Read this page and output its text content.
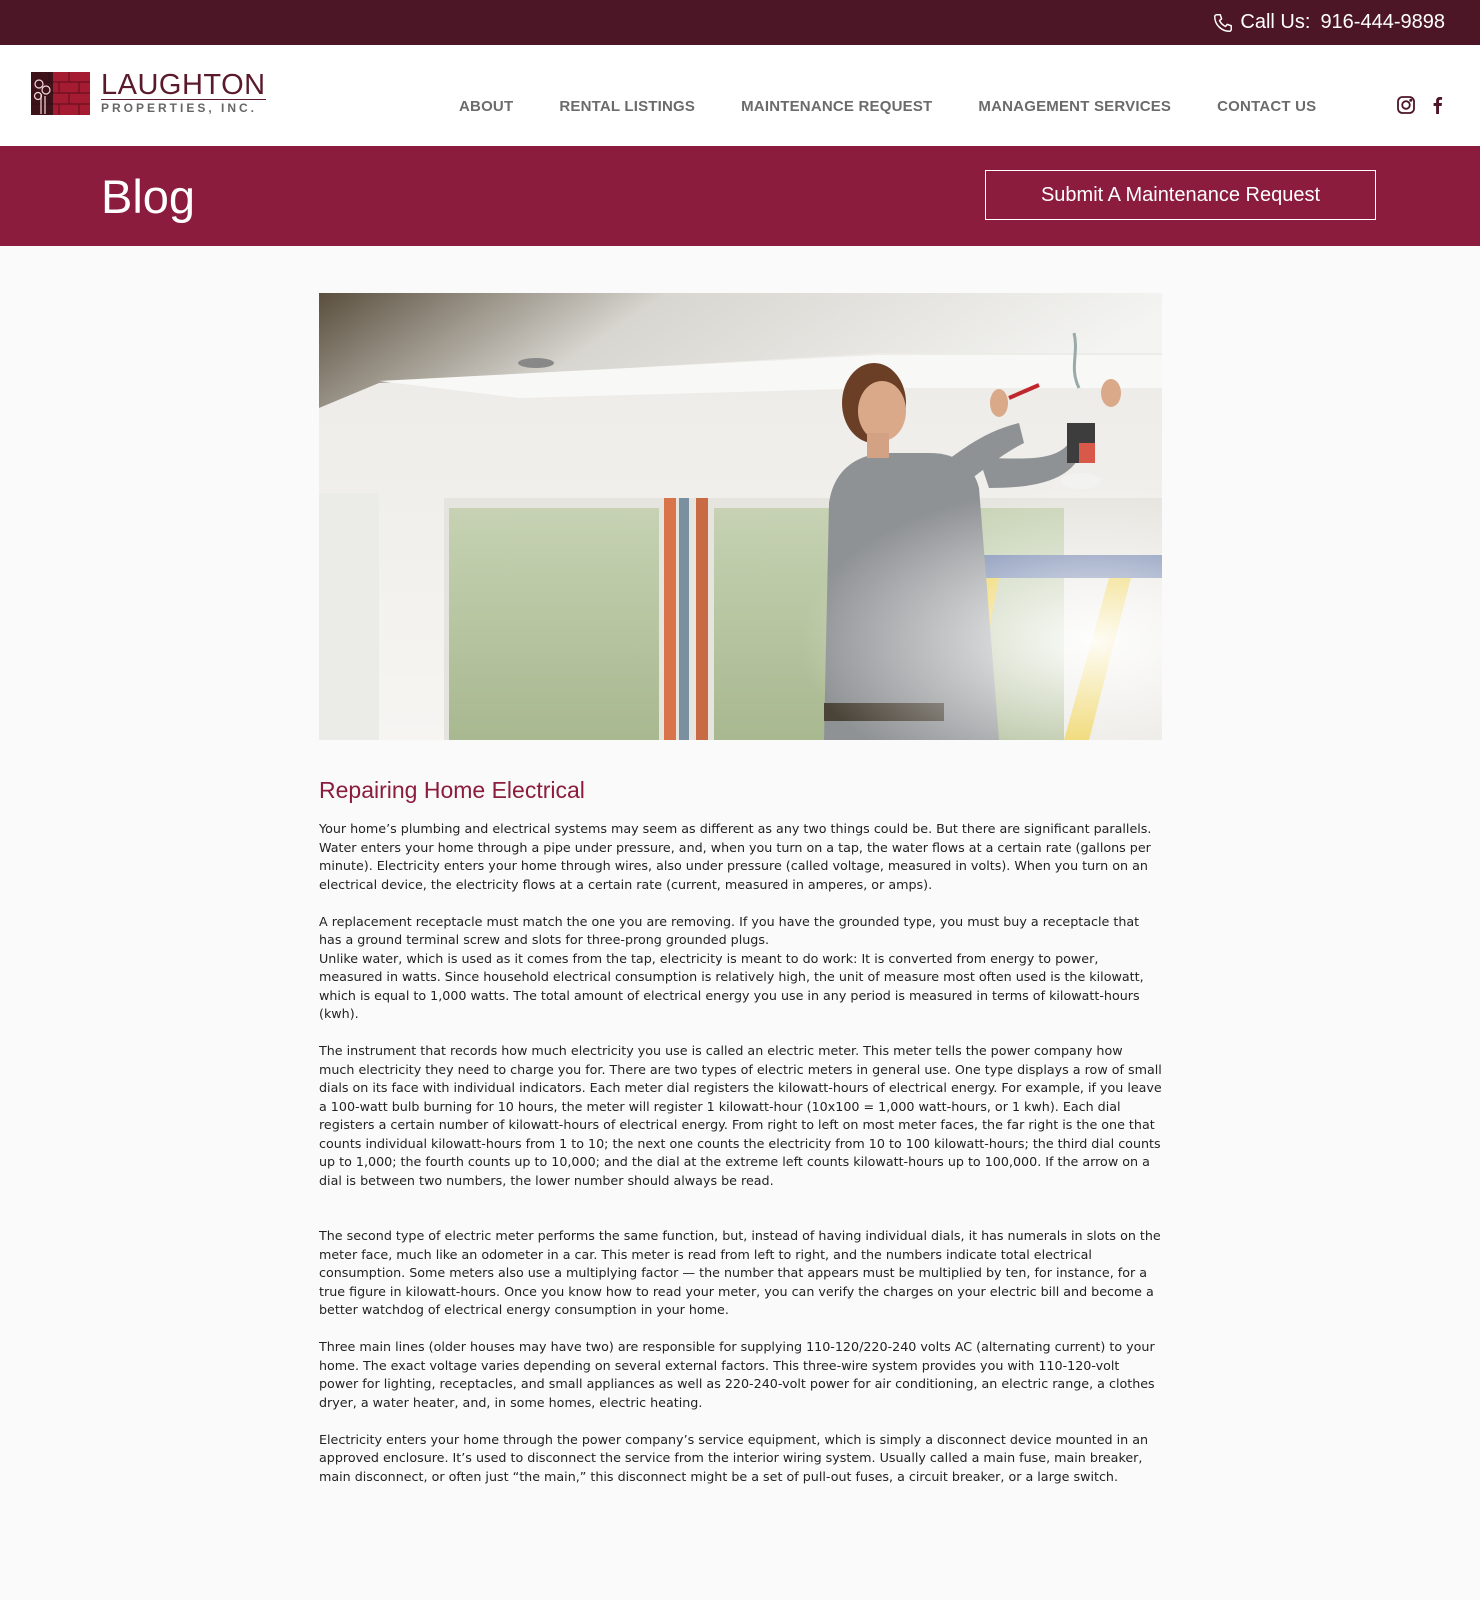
Call Us: 916-444-9898
LAUGHTON
PROPERTIES, INC.	ABOUT	RENTAL LISTINGS	MAINTENANCE REQUEST	MANAGEMENT SERVICES	CONTACT US
Blog	Submit A Maintenance Request
Repairing Home Electrical

Your home’s plumbing and electrical systems may seem as different as any two things could be. But there are significant parallels. Water enters your home through a pipe under pressure, and, when you turn on a tap, the water flows at a certain rate (gallons per minute). Electricity enters your home through wires, also under pressure (called voltage, measured in volts). When you turn on an electrical device, the electricity flows at a certain rate (current, measured in amperes, or amps).

A replacement receptacle must match the one you are removing. If you have the grounded type, you must buy a receptacle that has a ground terminal screw and slots for three-prong grounded plugs.

Unlike water, which is used as it comes from the tap, electricity is meant to do work: It is converted from energy to power, measured in watts. Since household electrical consumption is relatively high, the unit of measure most often used is the kilowatt, which is equal to 1,000 watts. The total amount of electrical energy you use in any period is measured in terms of kilowatt-hours (kwh).

The instrument that records how much electricity you use is called an electric meter. This meter tells the power company how much electricity they need to charge you for. There are two types of electric meters in general use. One type displays a row of small dials on its face with individual indicators. Each meter dial registers the kilowatt-hours of electrical energy. For example, if you leave a 100-watt bulb burning for 10 hours, the meter will register 1 kilowatt-hour (10x100 = 1,000 watt-hours, or 1 kwh). Each dial registers a certain number of kilowatt-hours of electrical energy. From right to left on most meter faces, the far right is the one that counts individual kilowatt-hours from 1 to 10; the next one counts the electricity from 10 to 100 kilowatt-hours; the third dial counts up to 1,000; the fourth counts up to 10,000; and the dial at the extreme left counts kilowatt-hours up to 100,000. If the arrow on a dial is between two numbers, the lower number should always be read.

The second type of electric meter performs the same function, but, instead of having individual dials, it has numerals in slots on the meter face, much like an odometer in a car. This meter is read from left to right, and the numbers indicate total electrical consumption. Some meters also use a multiplying factor — the number that appears must be multiplied by ten, for instance, for a true figure in kilowatt-hours. Once you know how to read your meter, you can verify the charges on your electric bill and become a better watchdog of electrical energy consumption in your home.

Three main lines (older houses may have two) are responsible for supplying 110-120/220-240 volts AC (alternating current) to your home. The exact voltage varies depending on several external factors. This three-wire system provides you with 110-120-volt power for lighting, receptacles, and small appliances as well as 220-240-volt power for air conditioning, an electric range, a clothes dryer, a water heater, and, in some homes, electric heating.

Electricity enters your home through the power company’s service equipment, which is simply a disconnect device mounted in an approved enclosure. It’s used to disconnect the service from the interior wiring system. Usually called a main fuse, main breaker, main disconnect, or often just “the main,” this disconnect might be a set of pull-out fuses, a circuit breaker, or a large switch.
